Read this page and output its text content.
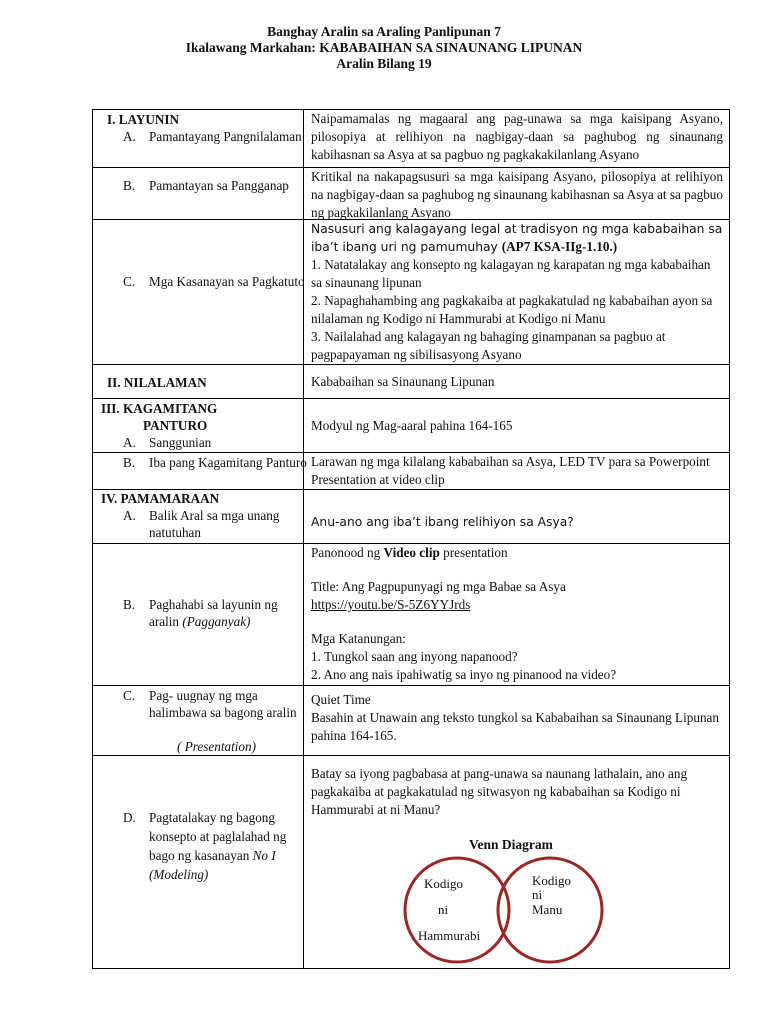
Banghay Aralin sa Araling Panlipunan 7
Ikalawang Markahan: KABABAIHAN SA SINAUNANG LIPUNAN
Aralin Bilang 19
I. LAYUNIN
A. Pamantayang Pangnilalaman
Naipamamalas ng magaaral ang pag-unawa sa mga kaisipang Asyano, pilosopiya at relihiyon na nagbigay-daan sa paghubog ng sinaunang kabihasnan sa Asya at sa pagbuo ng pagkakakilanlang Asyano
B. Pamantayan sa Pangganap
Kritikal na nakapagsusuri sa mga kaisipang Asyano, pilosopiya at relihiyon na nagbigay-daan sa paghubog ng sinaunang kabihasnan sa Asya at sa pagbuo ng pagkakilanlang Asyano
C. Mga Kasanayan sa Pagkatuto
Nasusuri ang kalagayang legal at tradisyon ng mga kababaihan sa iba’t ibang uri ng pamumuhay (AP7 KSA-IIg-1.10.)
1. Natatalakay ang konsepto ng kalagayan ng karapatan ng mga kababaihan sa sinaunang lipunan
2. Napaghahambing ang pagkakaiba at pagkakatulad ng kababaihan ayon sa nilalaman ng Kodigo ni Hammurabi at Kodigo ni Manu
3. Nailalahad ang kalagayan ng bahaging ginampanan sa pagbuo at pagpapayaman ng sibilisasyong Asyano
II. NILALAMAN	Kababaihan sa Sinaunang Lipunan
III. KAGAMITANG
PANTURO
A. Sanggunian
Modyul ng Mag-aaral pahina 164-165
B. Iba pang Kagamitang Panturo Larawan ng mga kilalang kababaihan sa Asya, LED TV para sa Powerpoint Presentation at video clip
IV. PAMAMARAAN
A. Balik Aral sa mga unang natutuhan
Anu-ano ang iba’t ibang relihiyon sa Asya?
B. Paghahabi sa layunin ng aralin (Pagganyak)
Panonood ng Video clip presentation
Title: Ang Pagpupunyagi ng mga Babae sa Asya
https://youtu.be/S-5Z6YYJrds
Mga Katanungan:
1. Tungkol saan ang inyong napanood?
2. Ano ang nais ipahiwatig sa inyo ng pinanood na video?
C. Pag- uugnay ng mga halimbawa sa bagong aralin
( Presentation)
Quiet Time
Basahin at Unawain ang teksto tungkol sa Kababaihan sa Sinaunang Lipunan pahina 164-165.
D. Pagtatalakay ng bagong konsepto at paglalahad ng bago ng kasanayan No I
(Modeling)
Batay sa iyong pagbabasa at pang-unawa sa naunang lathalain, ano ang pagkakaiba at pagkakatulad ng sitwasyon ng kababaihan sa Kodigo ni Hammurabi at ni Manu?
Venn Diagram
Kodigo
ni
Hammurabi
Kodigo
ni
Manu
